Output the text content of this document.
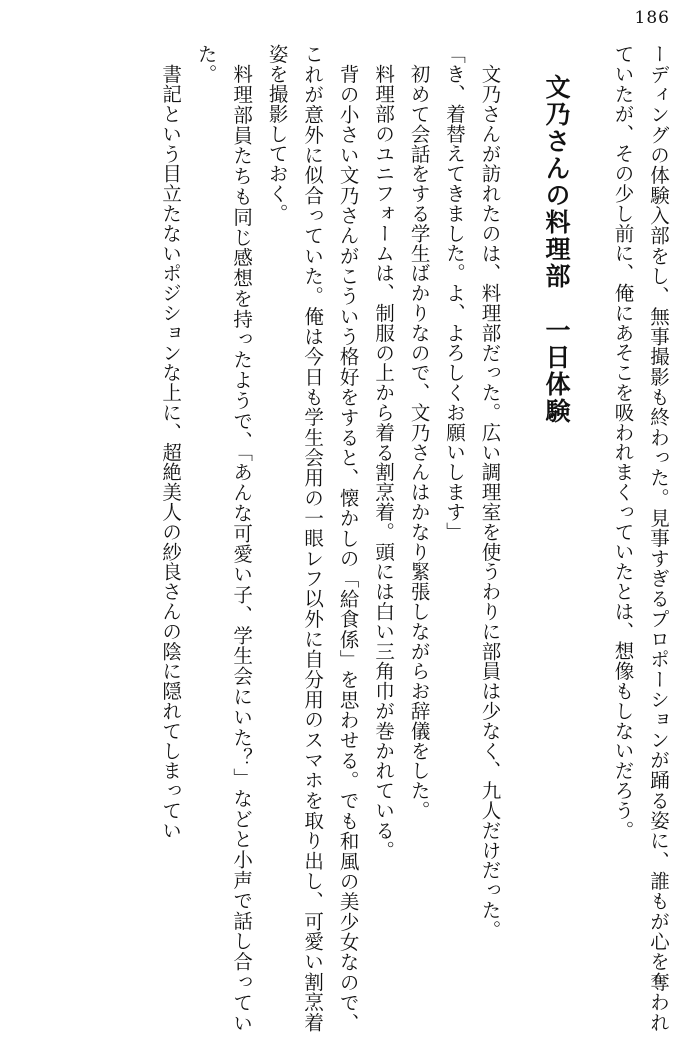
186
ーディングの体験入部をし、無事撮影も終わった。見事すぎるプロポーションが踊る姿に、誰もが心を奪われていたが、その少し前に、俺にあそこを吸われまくっていたとは、想像もしないだろう。
文乃さんの料理部　一日体験
文乃さんが訪れたのは、料理部だった。広い調理室を使うわりに部員は少なく、九人だけだった。
「き、着替えてきました。よ、よろしくお願いします」
初めて会話をする学生ばかりなので、文乃さんはかなり緊張しながらお辞儀をした。
料理部のユニフォームは、制服の上から着る割烹着。頭には白い三角巾が巻かれている。
背の小さい文乃さんがこういう格好をすると、懐かしの「給食係」を思わせる。でも和風の美少女なので、これが意外に似合っていた。俺は今日も学生会用の一眼レフ以外に自分用のスマホを取り出し、可愛い割烹着姿を撮影しておく。
料理部員たちも同じ感想を持ったようで、「あんな可愛い子、学生会にいた？」などと小声で話し合っていた。
書記という目立たないポジションな上に、超絶美人の紗良さんの陰に隠れてしまってい
